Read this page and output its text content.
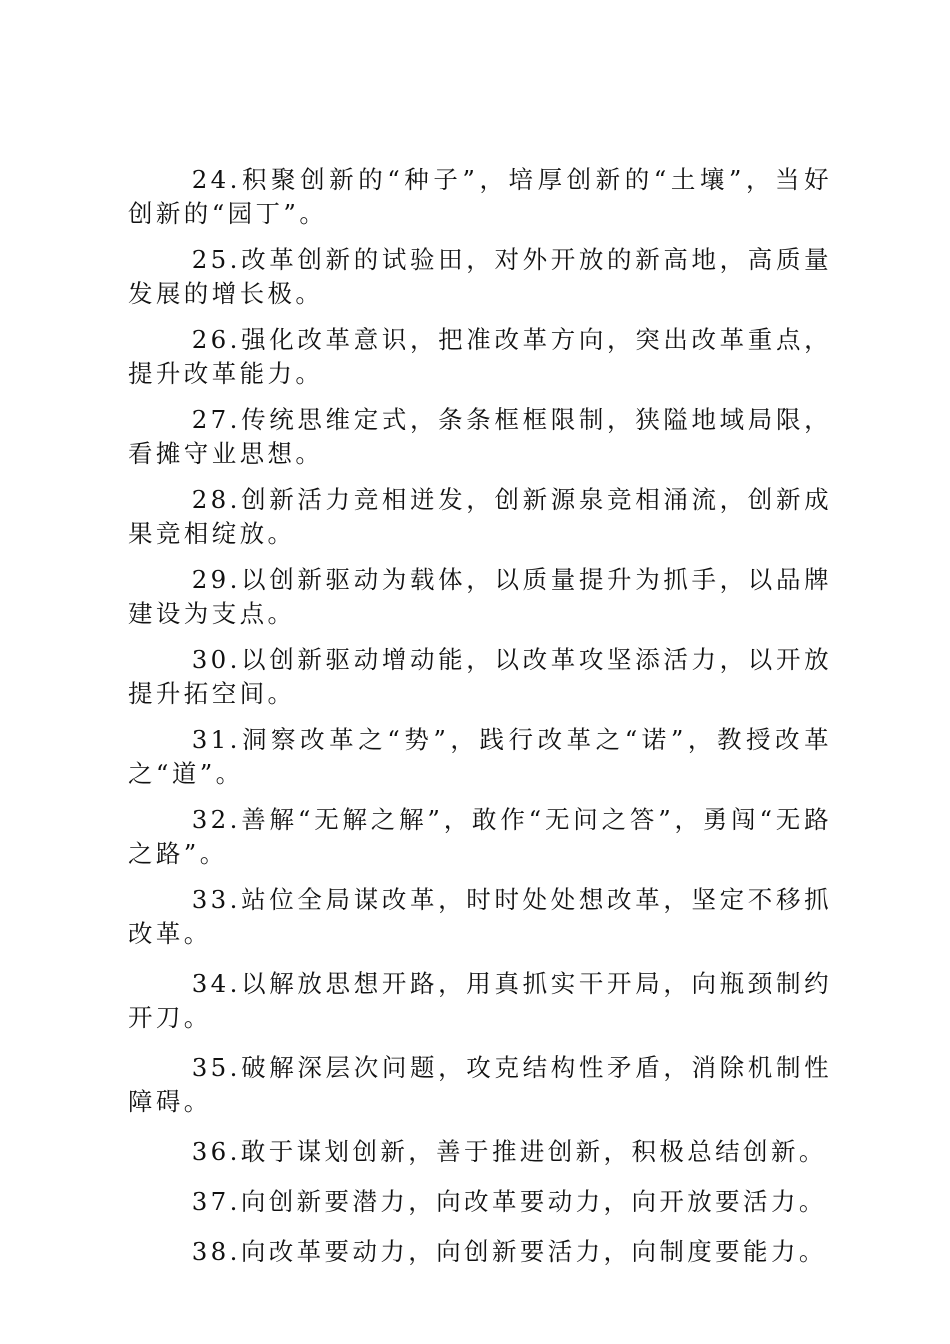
24.积聚创新的“种子”，培厚创新的“土壤”，当好创新的“园丁”。

25.改革创新的试验田，对外开放的新高地，高质量发展的增长极。

26.强化改革意识，把准改革方向，突出改革重点，提升改革能力。

27.传统思维定式，条条框框限制，狭隘地域局限，看摊守业思想。

28.创新活力竞相迸发，创新源泉竞相涌流，创新成果竞相绽放。

29.以创新驱动为载体，以质量提升为抓手，以品牌建设为支点。

30.以创新驱动增动能，以改革攻坚添活力，以开放提升拓空间。

31.洞察改革之“势”，践行改革之“诺”，教授改革之“道”。

32.善解“无解之解”，敢作“无问之答”，勇闯“无路之路”。

33.站位全局谋改革，时时处处想改革，坚定不移抓改革。

34.以解放思想开路，用真抓实干开局，向瓶颈制约开刀。

35.破解深层次问题，攻克结构性矛盾，消除机制性障碍。

36.敢于谋划创新，善于推进创新，积极总结创新。

37.向创新要潜力，向改革要动力，向开放要活力。

38.向改革要动力，向创新要活力，向制度要能力。
